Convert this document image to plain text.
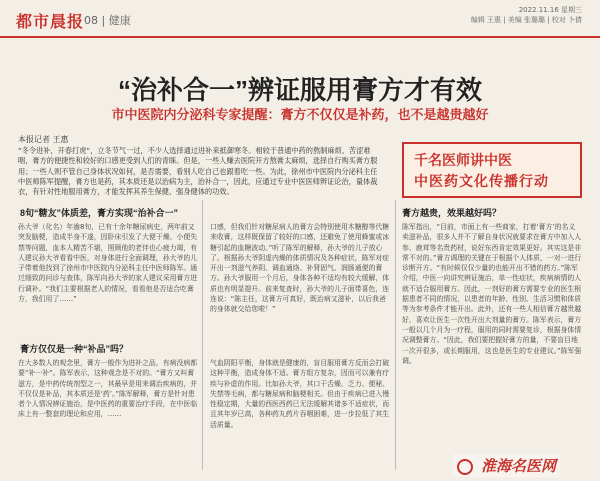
都市晨报 08 | 健康
2022.11.16 星期三
编辑 王惠 | 美编 张璐璐 | 校对 卜倩
“治补合一”辨证服用膏方才有效
市中医院内分泌科专家提醒：膏方不仅仅是补药，也不是越贵越好
本报记者 王惠
“冬令进补，开春打虎”，立冬节气一过，不少人选择通过进补来抵御寒冬。相较于普通中药的熬制麻烦、苦涩难咽，膏方的便捷性和较好的口感更受到人们的青睐。但是，一些人赚去医院开方熬膏太麻烦，选择自行购买膏方服用；一些人则不管自己身体状况如何，是否需要，看别人吃自己也跟着吃一些。为此，徐州市中医院内分泌科主任中医师陈军提醒，膏方也是药，其本质还是以治病为主，治补合一，因此，应通过专业中医医师辨证论治，量体裁衣，有针对性地服用膏方，才能发挥其养生保健、强身健体的功效。
千名医师讲中医
中医药文化传播行动
8旬“糖友”体质差，膏方实现“治补合一”
孙大爷（化名）年逾8旬，已有十余年糖尿病史，两年前又突发脑梗，造成半身不遂，因卧床引发了大便干燥、小便失禁等问题，血本人精苦不堪，照顾他的老伴也心疲力竭，有人建议孙大爷看看中医，对身体进行全面调理，孙大爷的儿子带着他找到了徐州市中医院内分泌科主任中医师陈军。通过细致的问诊与查体，陈军向孙大爷的家人建议采用膏方进行调补。“我们主要根据老人的情况，看看他是否适合吃膏方，我们用了……”
口感，但我们针对糖尿病人的膏方会特别使用木糖醇等代糖来收膏，这样既保留了较好的口感，还避免了使用蜂蜜或冰糖引起的血糖波动。”听了陈军的解释，孙大爷的儿子放心了。根据孙大爷阴虚内燥的体质情况及各种症状，陈军对症开出一剂滋气养阴、调血通络、补肾固气、润肠通便的膏方。孙大爷服用一个月后，身体各种不适均有较大缓解，体质也有明显提升。前来复查时，孙大爷的儿子面带喜色，连连说：“陈主任，这膏方可真好，既治病又滋补，以后我爸的身体就交给您啦！”
膏方仅仅是一种“补品”吗？
在大多数人的观念里，膏方一般作为进补之品，有病没病都要“补一补”。陈军表示，这种观念是不对的。“膏方又叫膏滋方，是中药传统剂型之一，其最早是用来调治疾病的，并不仅仅是补品，其本质还是‘药’。”陈军解释，膏方是针对患者个人情况辨证施治，是中医药的重要治疗手段，在中医临床上有一整套的理论和应用，……
气血阴阳平衡，身体就是健康的，盲目服用膏方反而会打破这种平衡，造成身体不适。膏方组方复杂，因而可以兼有疗疾与补虚的作用。比如孙大爷，其口干舌燥、乏力、便秘、失禁等毛病，都与糖尿病和脑梗相关。但由于疾病已进入慢性稳定期，大量的西医西药已无法缓解其诸多不适症状，而且其年岁已高，各种药丸药片吞咽困难，进一步拉低了其生活质量。
膏方越贵，效果越好吗？
陈军指出，“目前，市面上有一些商家，打着‘膏方’的名义卖滋补品，很多人并不了解自身状况就要求在膏方中加入人参、鹿茸等名贵药材，说好东西肯定效果更好。其实这是非常不对的。”膏方调理的关键在于根据个人体质，一对一进行诊断开方。“有时候仅仅少量的也能开出不错的药方。”陈军介绍，中医一向讲究辨证施治，单一性症状，疾病病情的人就不适合服用膏方。因此，一剂好的膏方需要专业的医生根据患者不同的情况，以患者的年龄、性别、生活习惯和体质等为参考条件才能开出。此外，还有一些人相信膏方越贵越好，喜欢让医生一次性开出大剂量的膏方。陈军表示，膏方一般以几个月为一疗程，服用的同时需要复诊，根据身体情况调整膏方。“因此，我们要把握好膏方的量，不要盲目地一次开很多，或长期服用，这也是医生的专业建议。”陈军强调。
淮海名医网
